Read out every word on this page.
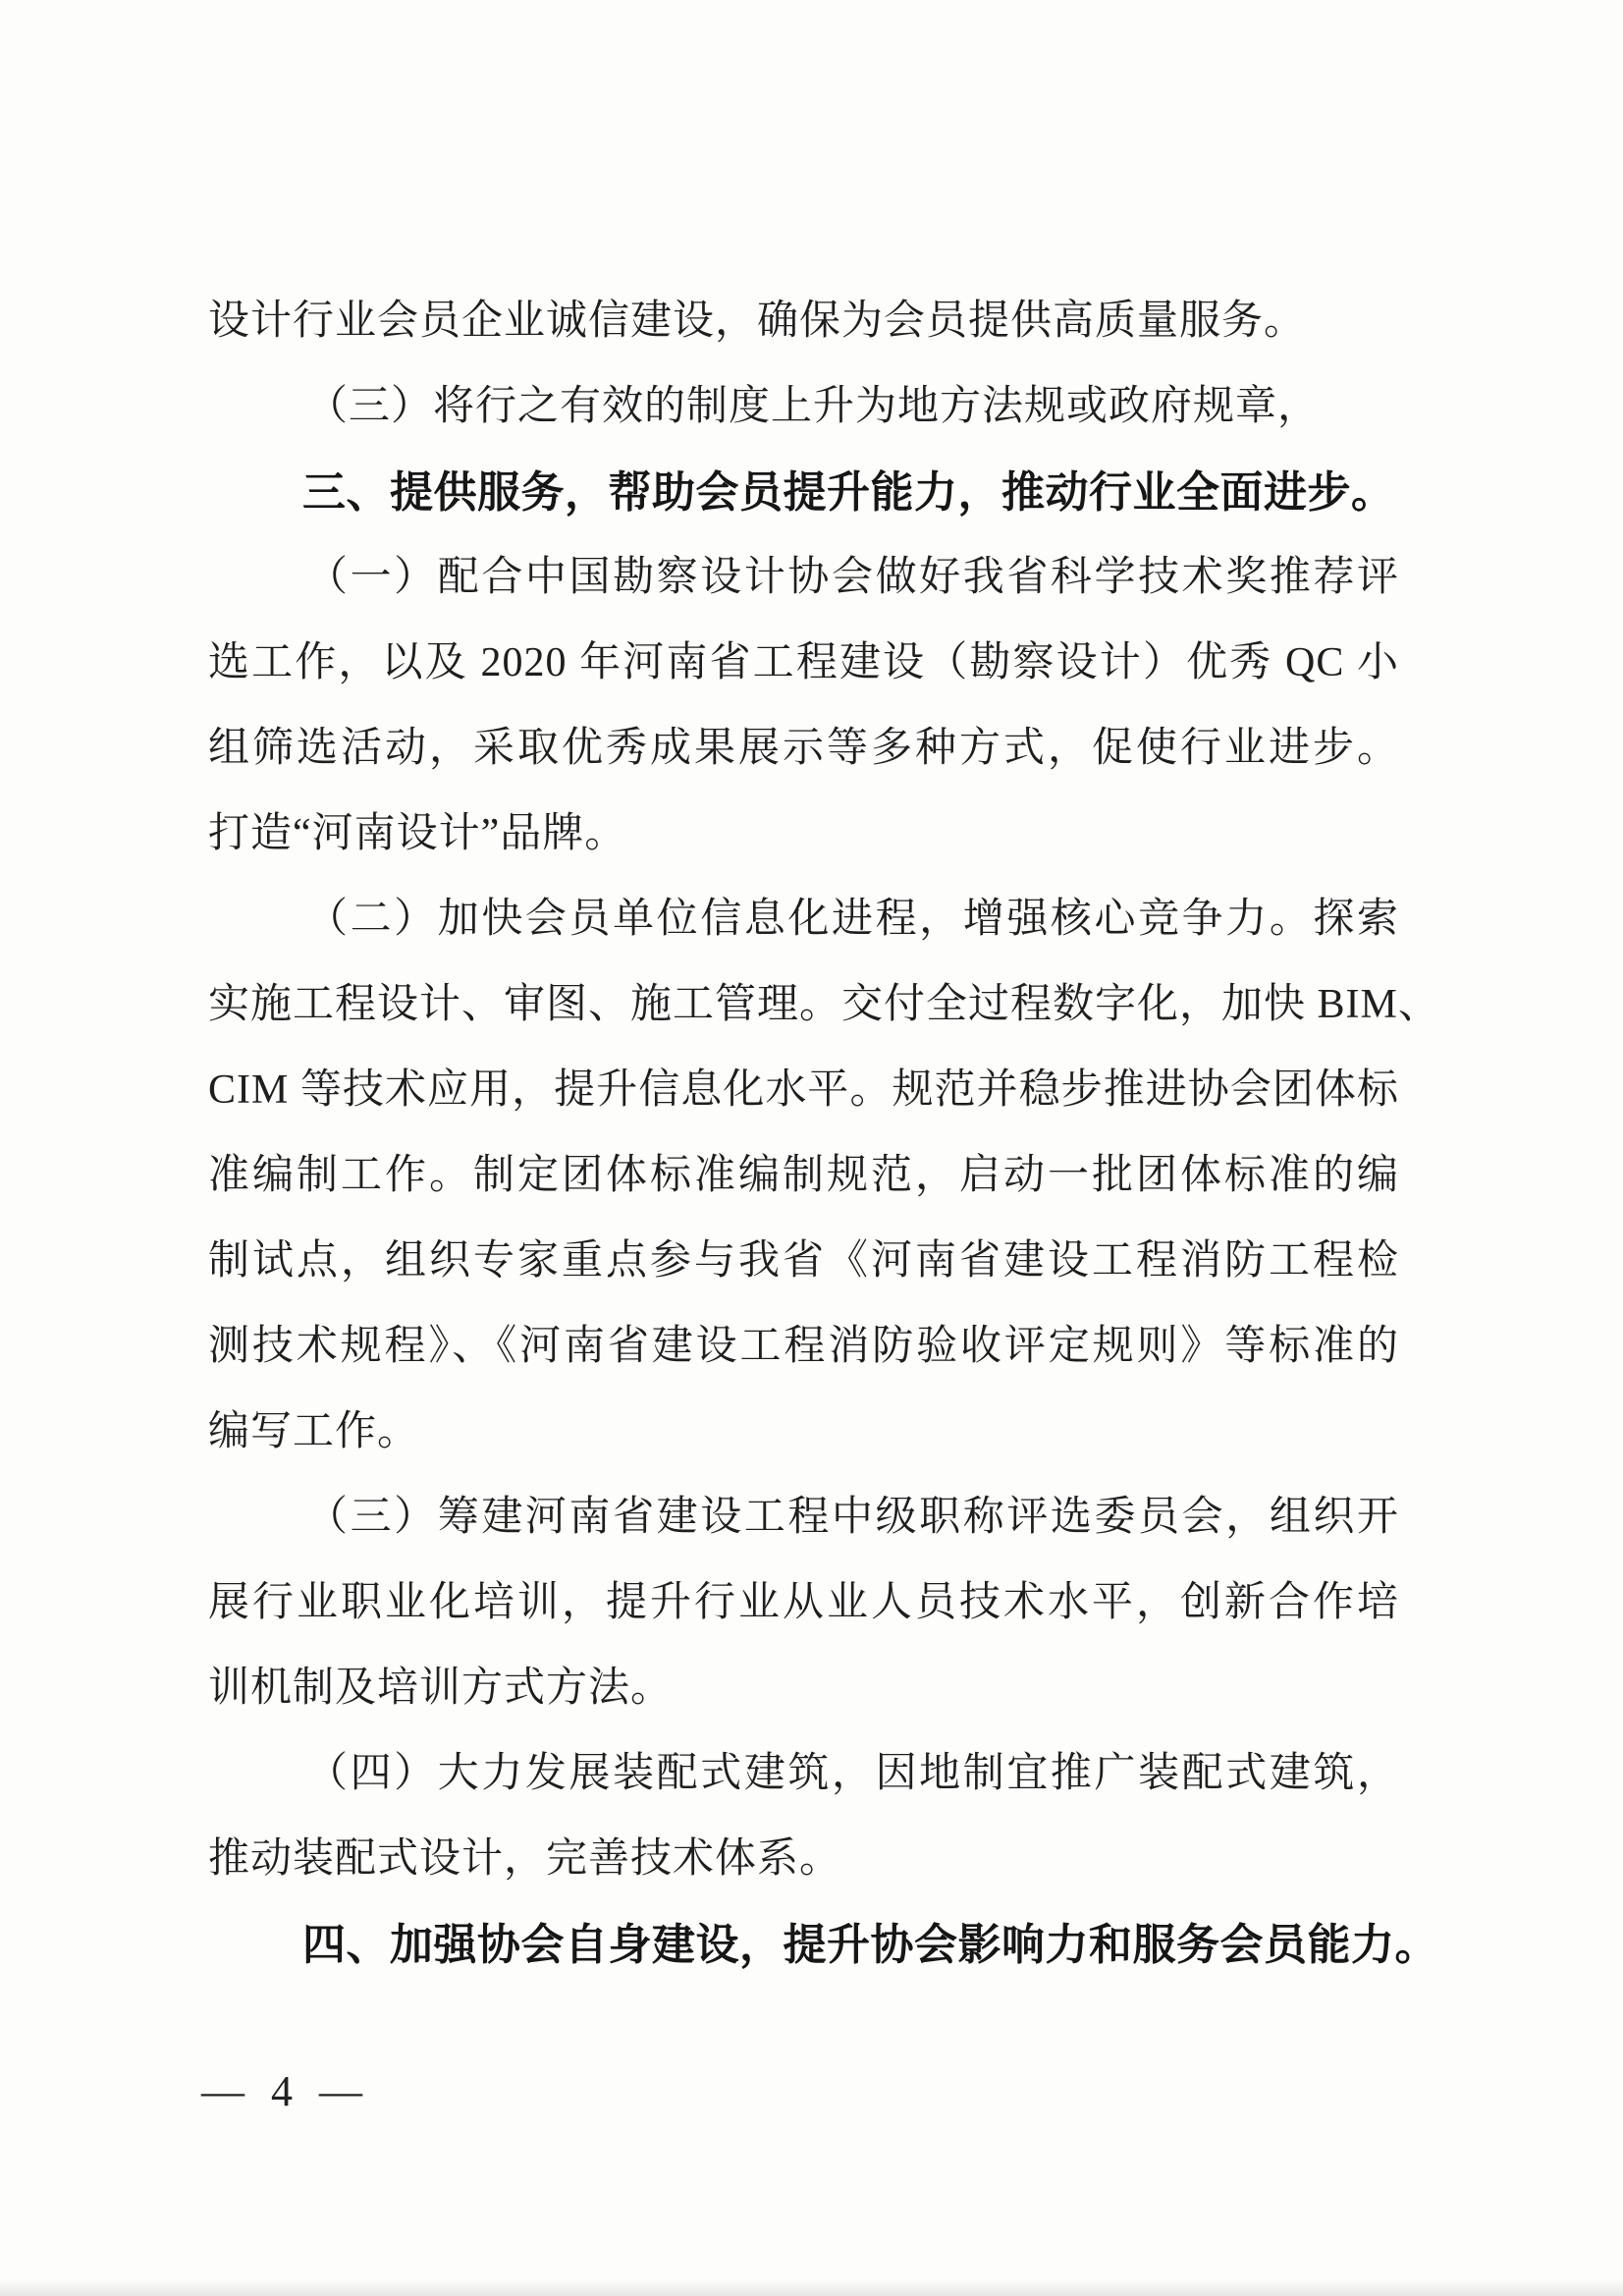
设计行业会员企业诚信建设，确保为会员提供高质量服务。
（三）将行之有效的制度上升为地方法规或政府规章，
三、提供服务，帮助会员提升能力，推动行业全面进步。
（一）配合中国勘察设计协会做好我省科学技术奖推荐评
选工作，以及 2020 年河南省工程建设（勘察设计）优秀 QC 小
组筛选活动，采取优秀成果展示等多种方式，促使行业进步。
打造“河南设计”品牌。
（二）加快会员单位信息化进程，增强核心竞争力。探索
实施工程设计、审图、施工管理。交付全过程数字化，加快 BIM、
CIM 等技术应用，提升信息化水平。规范并稳步推进协会团体标
准编制工作。制定团体标准编制规范，启动一批团体标准的编
制试点，组织专家重点参与我省《河南省建设工程消防工程检
测技术规程》、《河南省建设工程消防验收评定规则》等标准的
编写工作。
（三）筹建河南省建设工程中级职称评选委员会，组织开
展行业职业化培训，提升行业从业人员技术水平，创新合作培
训机制及培训方式方法。
（四）大力发展装配式建筑，因地制宜推广装配式建筑，
推动装配式设计，完善技术体系。
四、加强协会自身建设，提升协会影响力和服务会员能力。
— 4 —
